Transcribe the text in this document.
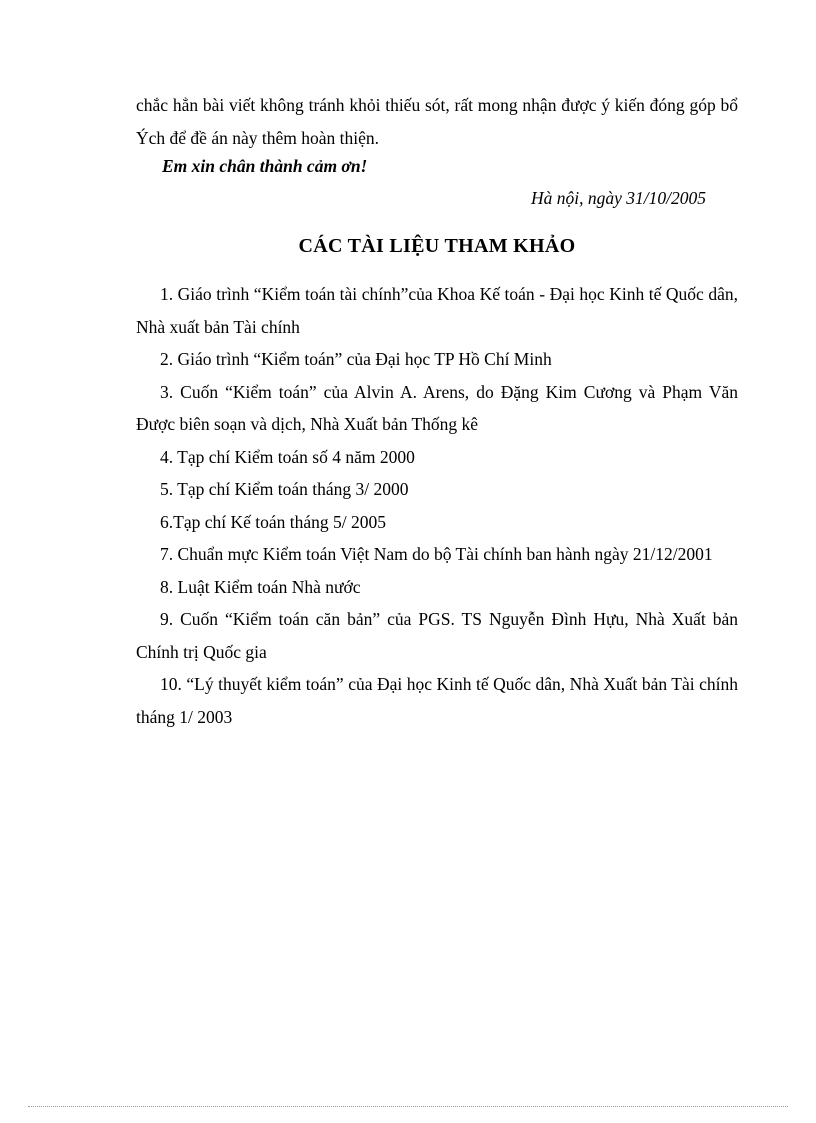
chắc hẳn bài viết không tránh khỏi thiếu sót, rất mong nhận được ý kiến đóng góp bổ Ých để đề án này thêm hoàn thiện.

Em xin chân thành cảm ơn!
Hà nội, ngày 31/10/2005
CÁC TÀI LIỆU THAM KHẢO
1. Giáo trình “Kiểm toán tài chính”của Khoa Kế toán - Đại học Kinh tế Quốc dân, Nhà xuất bản Tài chính
2. Giáo trình “Kiểm toán” của Đại học TP Hồ Chí Minh
3. Cuốn “Kiểm toán” của Alvin A. Arens, do Đặng Kim Cương và Phạm Văn Được biên soạn và dịch, Nhà Xuất bản Thống kê
4. Tạp chí Kiểm toán số 4 năm 2000
5. Tạp chí Kiểm toán tháng 3/ 2000
6.Tạp chí Kế toán tháng 5/ 2005
7. Chuẩn mực Kiểm toán Việt Nam do bộ Tài chính ban hành ngày 21/12/2001
8. Luật Kiểm toán Nhà nước
9. Cuốn “Kiểm toán căn bản” của PGS. TS Nguyễn Đình Hựu, Nhà Xuất bản Chính trị Quốc gia
10. “Lý thuyết kiểm toán” của Đại học Kinh tế Quốc dân, Nhà Xuất bản Tài chính tháng 1/ 2003
